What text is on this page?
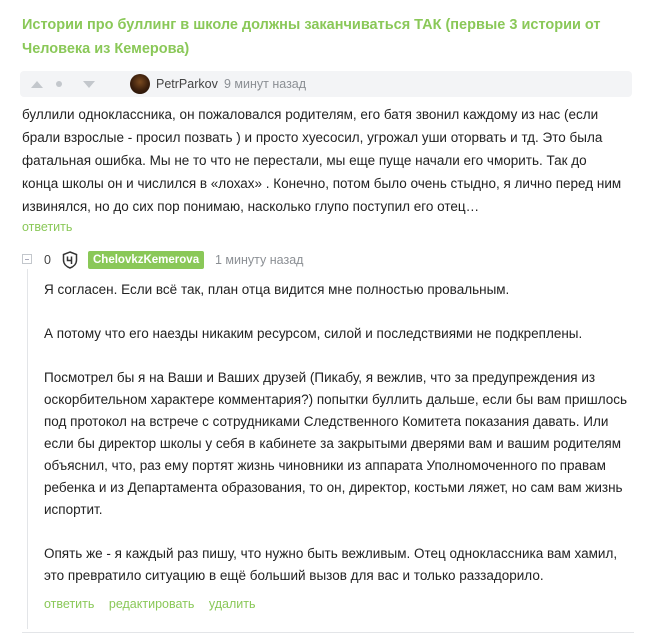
Истории про буллинг в школе должны заканчиваться ТАК (первые 3 истории от Человека из Кемерова)
PetrParkov 9 минут назад
буллили одноклассника, он пожаловался родителям, его батя звонил каждому из нас (если брали взрослые - просил позвать ) и просто хуесосил, угрожал уши оторвать и тд. Это была фатальная ошибка. Мы не то что не перестали, мы еще пуще начали его чморить. Так до конца школы он и числился в «лохах» . Конечно, потом было очень стыдно, я лично перед ним извинялся, но до сих пор понимаю, насколько глупо поступил его отец…
ответить
0	ChelovkzKemerova	1 минуту назад

Я согласен. Если всё так, план отца видится мне полностью провальным.

А потому что его наезды никаким ресурсом, силой и последствиями не подкреплены.

Посмотрел бы я на Ваши и Ваших друзей (Пикабу, я вежлив, что за предупреждения из оскорбительном характере комментария?) попытки буллить дальше, если бы вам пришлось под протокол на встрече с сотрудниками Следственного Комитета показания давать. Или если бы директор школы у себя в кабинете за закрытыми дверями вам и вашим родителям объяснил, что, раз ему портят жизнь чиновники из аппарата Уполномоченного по правам ребенка и из Департамента образования, то он, директор, костьми ляжет, но сам вам жизнь испортит.

Опять же - я каждый раз пишу, что нужно быть вежливым. Отец одноклассника вам хамил, это превратило ситуацию в ещё больший вызов для вас и только раззадорило.

ответить редактировать удалить
